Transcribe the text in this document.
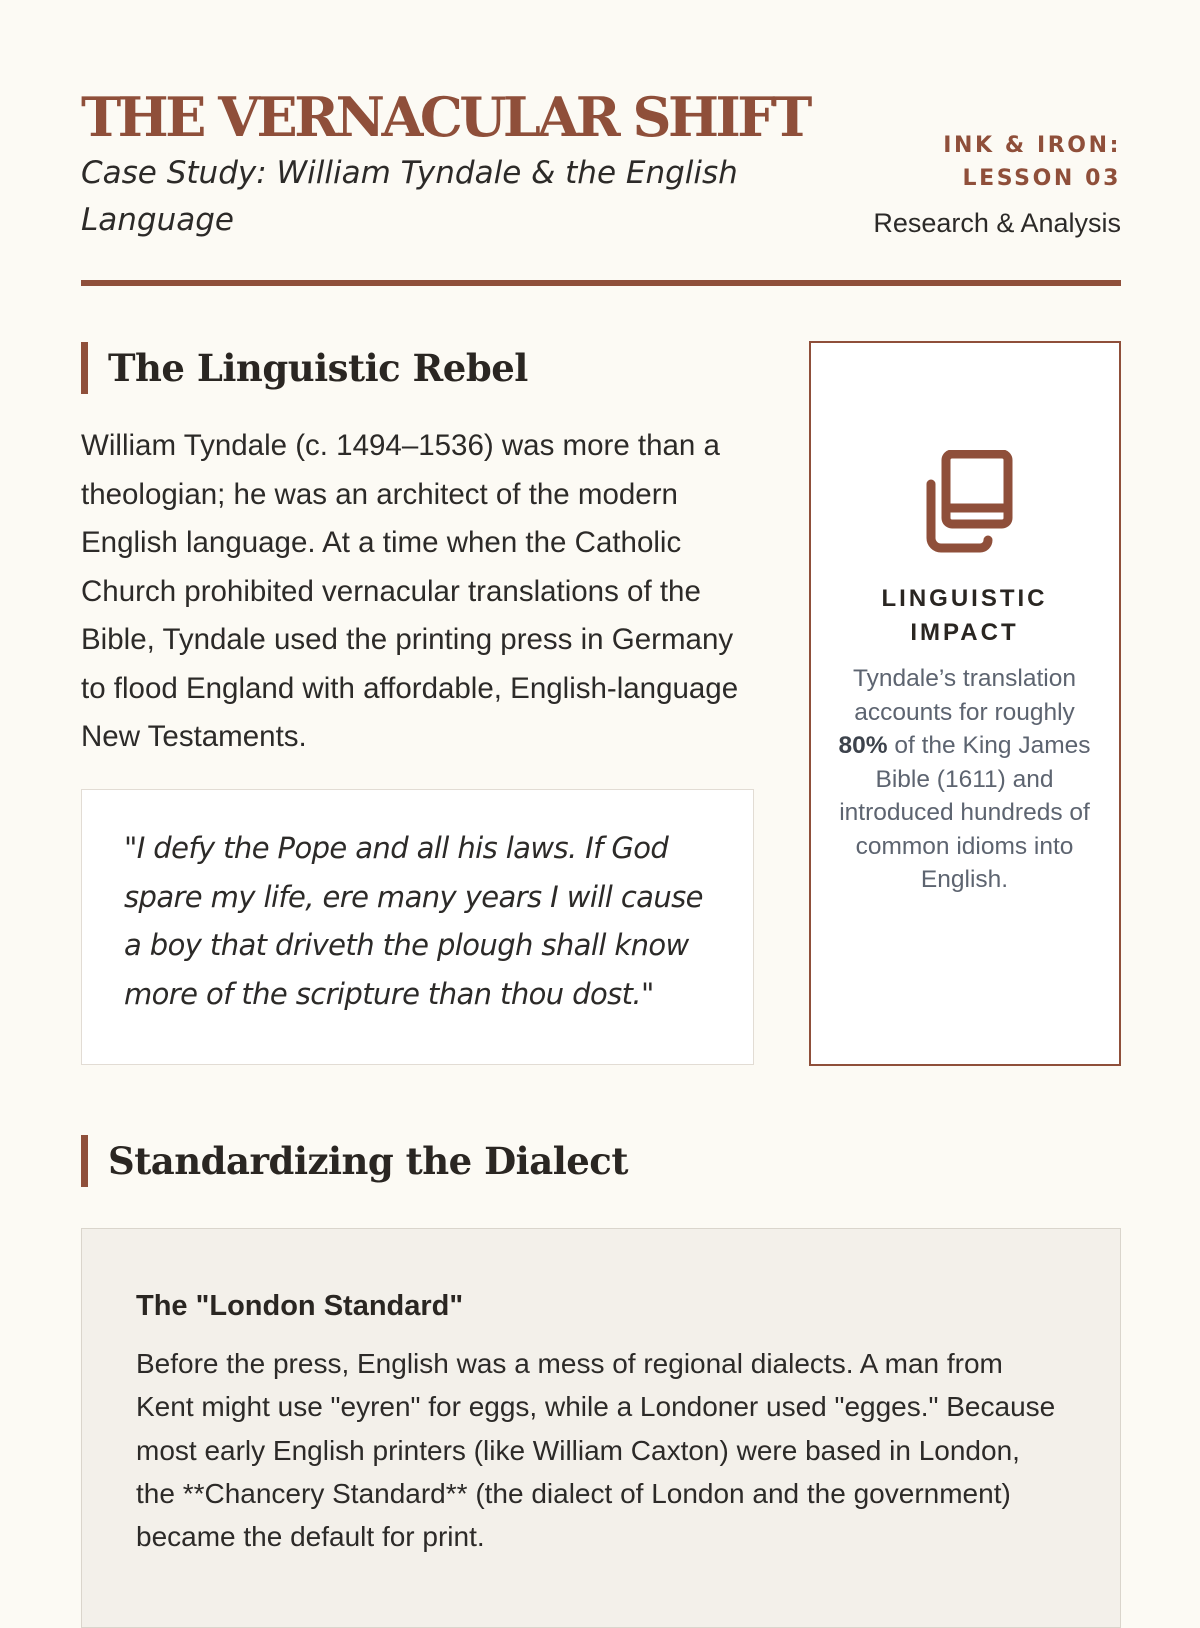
THE VERNACULAR SHIFT

Case Study: William Tyndale & the English Language

INK & IRON: LESSON 03
Research & Analysis
The Linguistic Rebel

William Tyndale (c. 1494–1536) was more than a theologian; he was an architect of the modern English language. At a time when the Catholic Church prohibited vernacular translations of the Bible, Tyndale used the printing press in Germany to flood England with affordable, English-language New Testaments.

"I defy the Pope and all his laws. If God spare my life, ere many years I will cause a boy that driveth the plough shall know more of the scripture than thou dost."

LINGUISTIC IMPACT

Tyndale’s translation accounts for roughly 80% of the King James Bible (1611) and introduced hundreds of common idioms into English.

Standardizing the Dialect
The "London Standard"

Before the press, English was a mess of regional dialects. A man from Kent might use "eyren" for eggs, while a Londoner used "egges." Because most early English printers (like William Caxton) were based in London, the **Chancery Standard** (the dialect of London and the government) became the default for print.
